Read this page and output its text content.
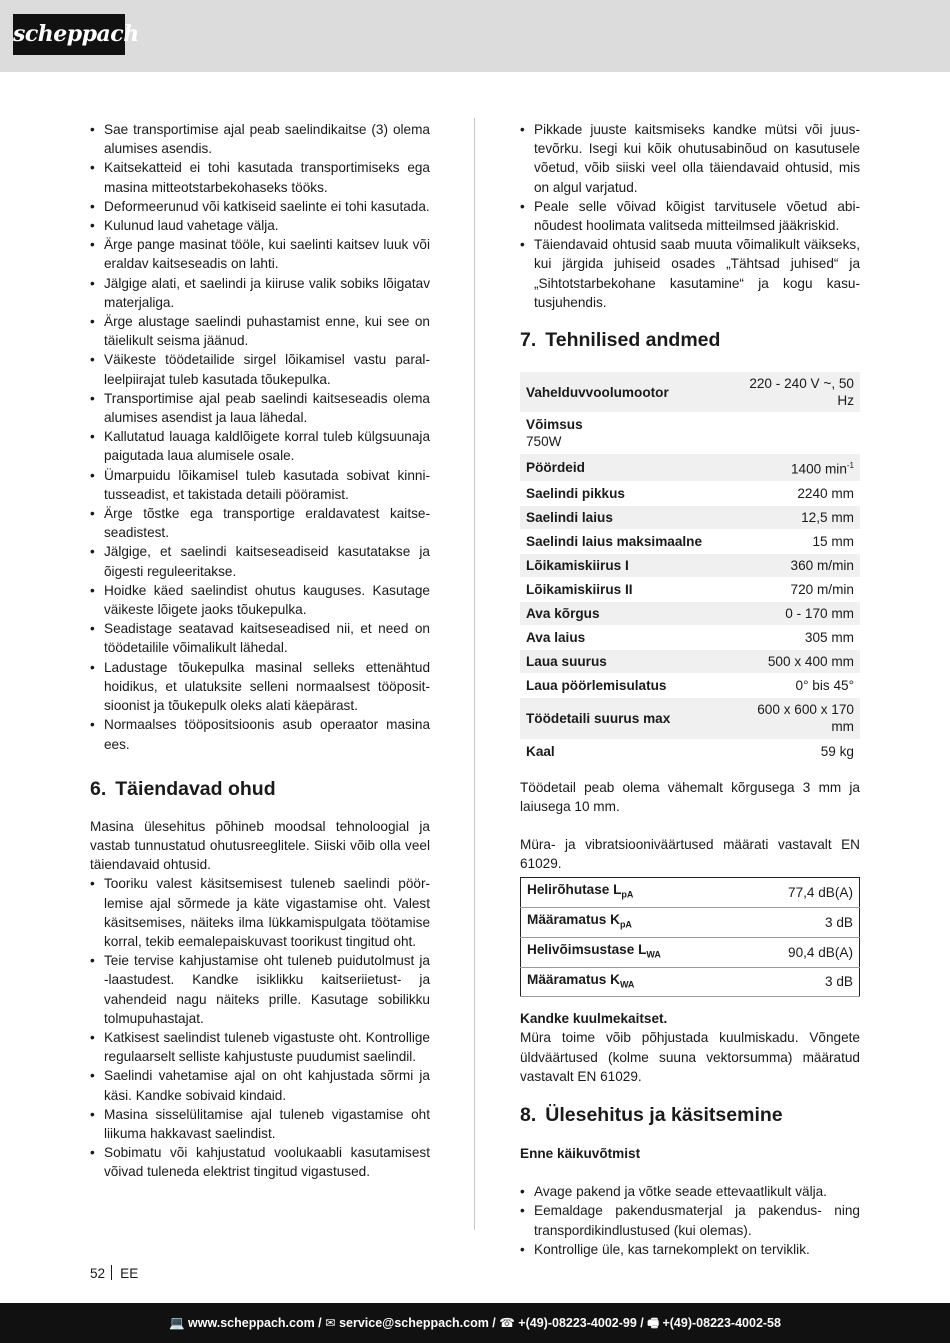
scheppach
• Sae transportimise ajal peab saelindikaitse (3) olema alumises asendis.
• Kaitsekatteid ei tohi kasutada transportimiseks ega masina mitteotstarbekohaseks tööks.
• Deformeerunud või katkiseid saelinte ei tohi kasutada.
• Kulunud laud vahetage välja.
• Ärge pange masinat tööle, kui saelinti kaitsev luuk või eraldav kaitseseadis on lahti.
• Jälgige alati, et saelindi ja kiiruse valik sobiks lõigatav materjaliga.
• Ärge alustage saelindi puhastamist enne, kui see on täielikult seisma jäänud.
• Väikeste töödetailide sirgel lõikamisel vastu paralleelpiirajat tuleb kasutada tõukepulka.
• Transportimise ajal peab saelindi kaitseseadis olema alumises asendist ja laua lähedal.
• Kallutatud lauaga kaldlõigete korral tuleb külgsuunaja paigutada laua alumisele osale.
• Ümarpuidu lõikamisel tuleb kasutada sobivat kinnitusseadist, et takistada detaili pööramist.
• Ärge tõstke ega transportige eraldavatest kaitseseadistest.
• Jälgige, et saelindi kaitseseadiseid kasutatakse ja õigesti reguleeritakse.
• Hoidke käed saelindist ohutus kauguses. Kasutage väikeste lõigete jaoks tõukepulka.
• Seadistage seatavad kaitseseadised nii, et need on töödetailile võimalikult lähedal.
• Ladustage tõukepulka masinal selleks ettenähtud hoidikus, et ulatuksite selleni normaalsest tööpositsioonist ja tõukepulk oleks alati käepärast.
• Normaalses tööpositsioonis asub operaator masina ees.
6. Täiendavad ohud

Masina ülesehitus põhineb moodsal tehnoloogial ja vastab tunnustatud ohutusreeglitele. Siiski võib olla veel täiendavaid ohtusid.

• Tooriku valest käsitsemisest tuleneb saelindi pöörlemise ajal sõrmede ja käte vigastamise oht. Valest käsitsemises, näiteks ilma lükkamispulgata töötamise korral, tekib eemalepaiskuvast toorikust tingitud oht.
• Teie tervise kahjustamise oht tuleneb puidutolmust ja -laastudest. Kandke isiklikku kaitseriietust- ja vahendeid nagu näiteks prille. Kasutage sobilikku tolmupuhastajat.
• Katkisest saelindist tuleneb vigastuste oht. Kontrollige regulaarselt selliste kahjustuste puudumist saelindil.
• Saelindi vahetamise ajal on oht kahjustada sõrmi ja käsi. Kandke sobivaid kindaid.
• Masina sisselülitamise ajal tuleneb vigastamise oht liikuma hakkavast saelindist.
• Sobimatu või kahjustatud voolukaabli kasutamisest võivad tuleneda elektrist tingitud vigastused.
• Pikkade juuste kaitsmiseks kandke mütsi või juustevõrku. Isegi kui kõik ohutusabinõud on kasutusele võetud, võib siiski veel olla täiendavaid ohtusid, mis on algul varjatud.
• Peale selle võivad kõigist tarvitusele võetud abinõudest hoolimata valitseda mitteilmsed jääkriskid.
• Täiendavaid ohtusid saab muuta võimalikult väikseks, kui järgida juhiseid osades „Tähtsad juhised“ ja „Sihtotstarbekohane kasutamine“ ja kogu kasutusjuhendis.
7. Tehnilised andmed
Vahelduvvoolumootor	220 - 240 V ~, 50 Hz

Võimsus
750W	

Pöördeid	1400 $\min^{-1}$
Saelindi pikkus	2240 mm
Saelindi laius	12,5 mm
Saelindi laius maksimaalne	15 mm
Lõikamiskiirus I	360 m/min
Lõikamiskiirus II	720 m/min
Ava kõrgus	0 - 170 mm
Ava laius	305 mm
Laua suurus	500 x 400 mm
Laua pöörlemisulatus	0° bis 45°
Töödetaili suurus max	600 x 600 x 170 mm
Kaal	59 kg

Töödetail peab olema vähemalt kõrgusega 3 mm ja laiusega 10 mm.

Müra- ja vibratsiooniväärtused määrati vastavalt EN 61029.

Helirõhutase $L_{pA}$	77,4 dB(A)
Määramatus $K_{pA}$	3 dB
Helivõimsustase $L_{WA}$	90,4 dB(A)
Määramatus $K_{WA}$	3 dB

Kandke kuulmekaitset.

Müra toime võib põhjustada kuulmiskadu. Võngete üldväärtused (kolme suuna vektorsumma) määratud vastavalt EN 61029.

8. Ülesehitus ja käsitsemine

Enne käikuvõtmist

• Avage pakend ja võtke seade ettevaatlikult välja.
• Eemaldage pakendusmaterjal ja pakendus- ning transpordikindlustused (kui olemas).
• Kontrollige üle, kas tarnekomplekt on terviklik.
52 EE
💻 www.scheppach.com / ✉ service@scheppach.com / ☎ +(49)-08223-4002-99 / 🖷 +(49)-08223-4002-58
